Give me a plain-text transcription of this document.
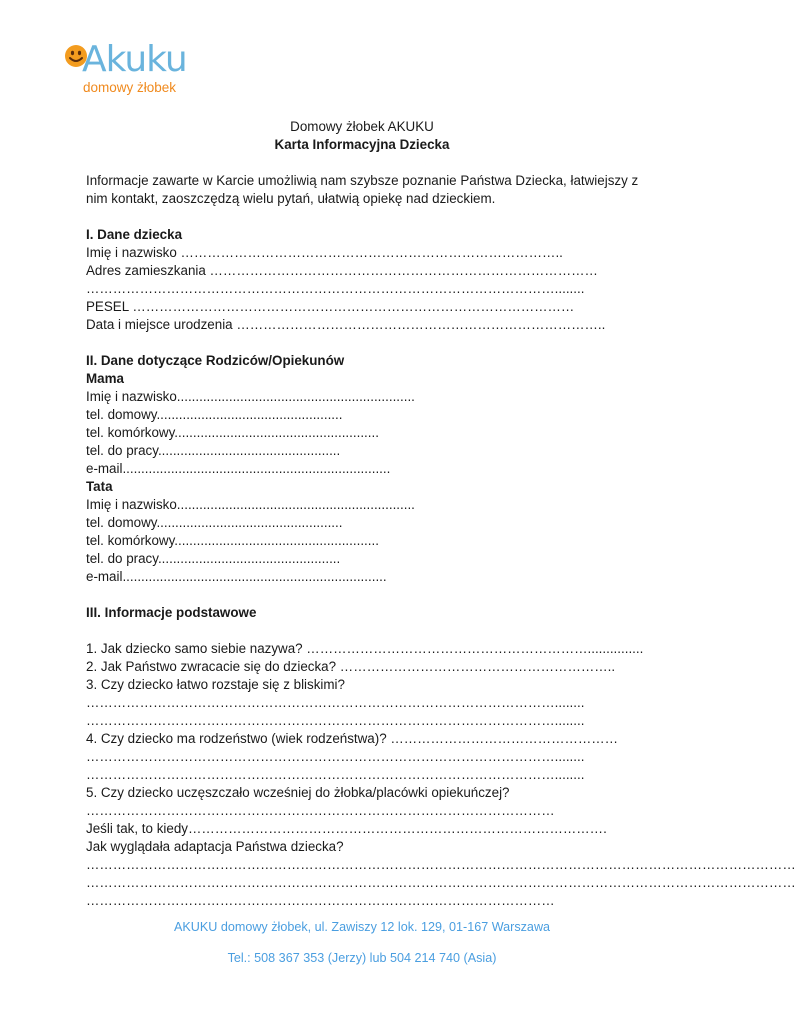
Akuku
domowy żłobek
Domowy żłobek AKUKU
Karta Informacyjna Dziecka
Informacje zawarte w Karcie umożliwią nam szybsze poznanie Państwa Dziecka, łatwiejszy z
nim kontakt, zaoszczędzą wielu pytań, ułatwią opiekę nad dzieckiem.
I. Dane dziecka
Imię i nazwisko …………………………………………………………………………..
Adres zamieszkania ……………………………………………………………………………
……………………………………………………………………………………………........
PESEL ………………………………………………………………………………………
Data i miejsce urodzenia ………………………………………………………………………..
II. Dane dotyczące Rodziców/Opiekunów
Mama
Imię i nazwisko................................................................
tel. domowy..................................................
tel. komórkowy.......................................................
tel. do pracy.................................................
e-mail........................................................................
Tata
Imię i nazwisko................................................................
tel. domowy..................................................
tel. komórkowy.......................................................
tel. do pracy.................................................
e-mail.......................................................................
III. Informacje podstawowe
1. Jak dziecko samo siebie nazywa? ………………………………………………………...............
2. Jak Państwo zwracacie się do dziecka? ……………………………………………………..
3. Czy dziecko łatwo rozstaje się z bliskimi?
……………………………………………………………………………………………........
……………………………………………………………………………………………........
4. Czy dziecko ma rodzeństwo (wiek rodzeństwa)? ……………………………………………
……………………………………………………………………………………………........
……………………………………………………………………………………………........
5. Czy dziecko uczęszczało wcześniej do żłobka/placówki opiekuńczej?
……………………………………………………………………………………………
Jeśli tak, to kiedy………………………………………………………………………………….
Jak wyglądała adaptacja Państwa dziecka?
……………………………………………………………………………………………………………………………………………
……………………………………………………………………………………………………………………………………………
……………………………………………………………………………………………
AKUKU domowy żłobek, ul. Zawiszy 12 lok. 129, 01-167 Warszawa
Tel.: 508 367 353 (Jerzy) lub 504 214 740 (Asia)
